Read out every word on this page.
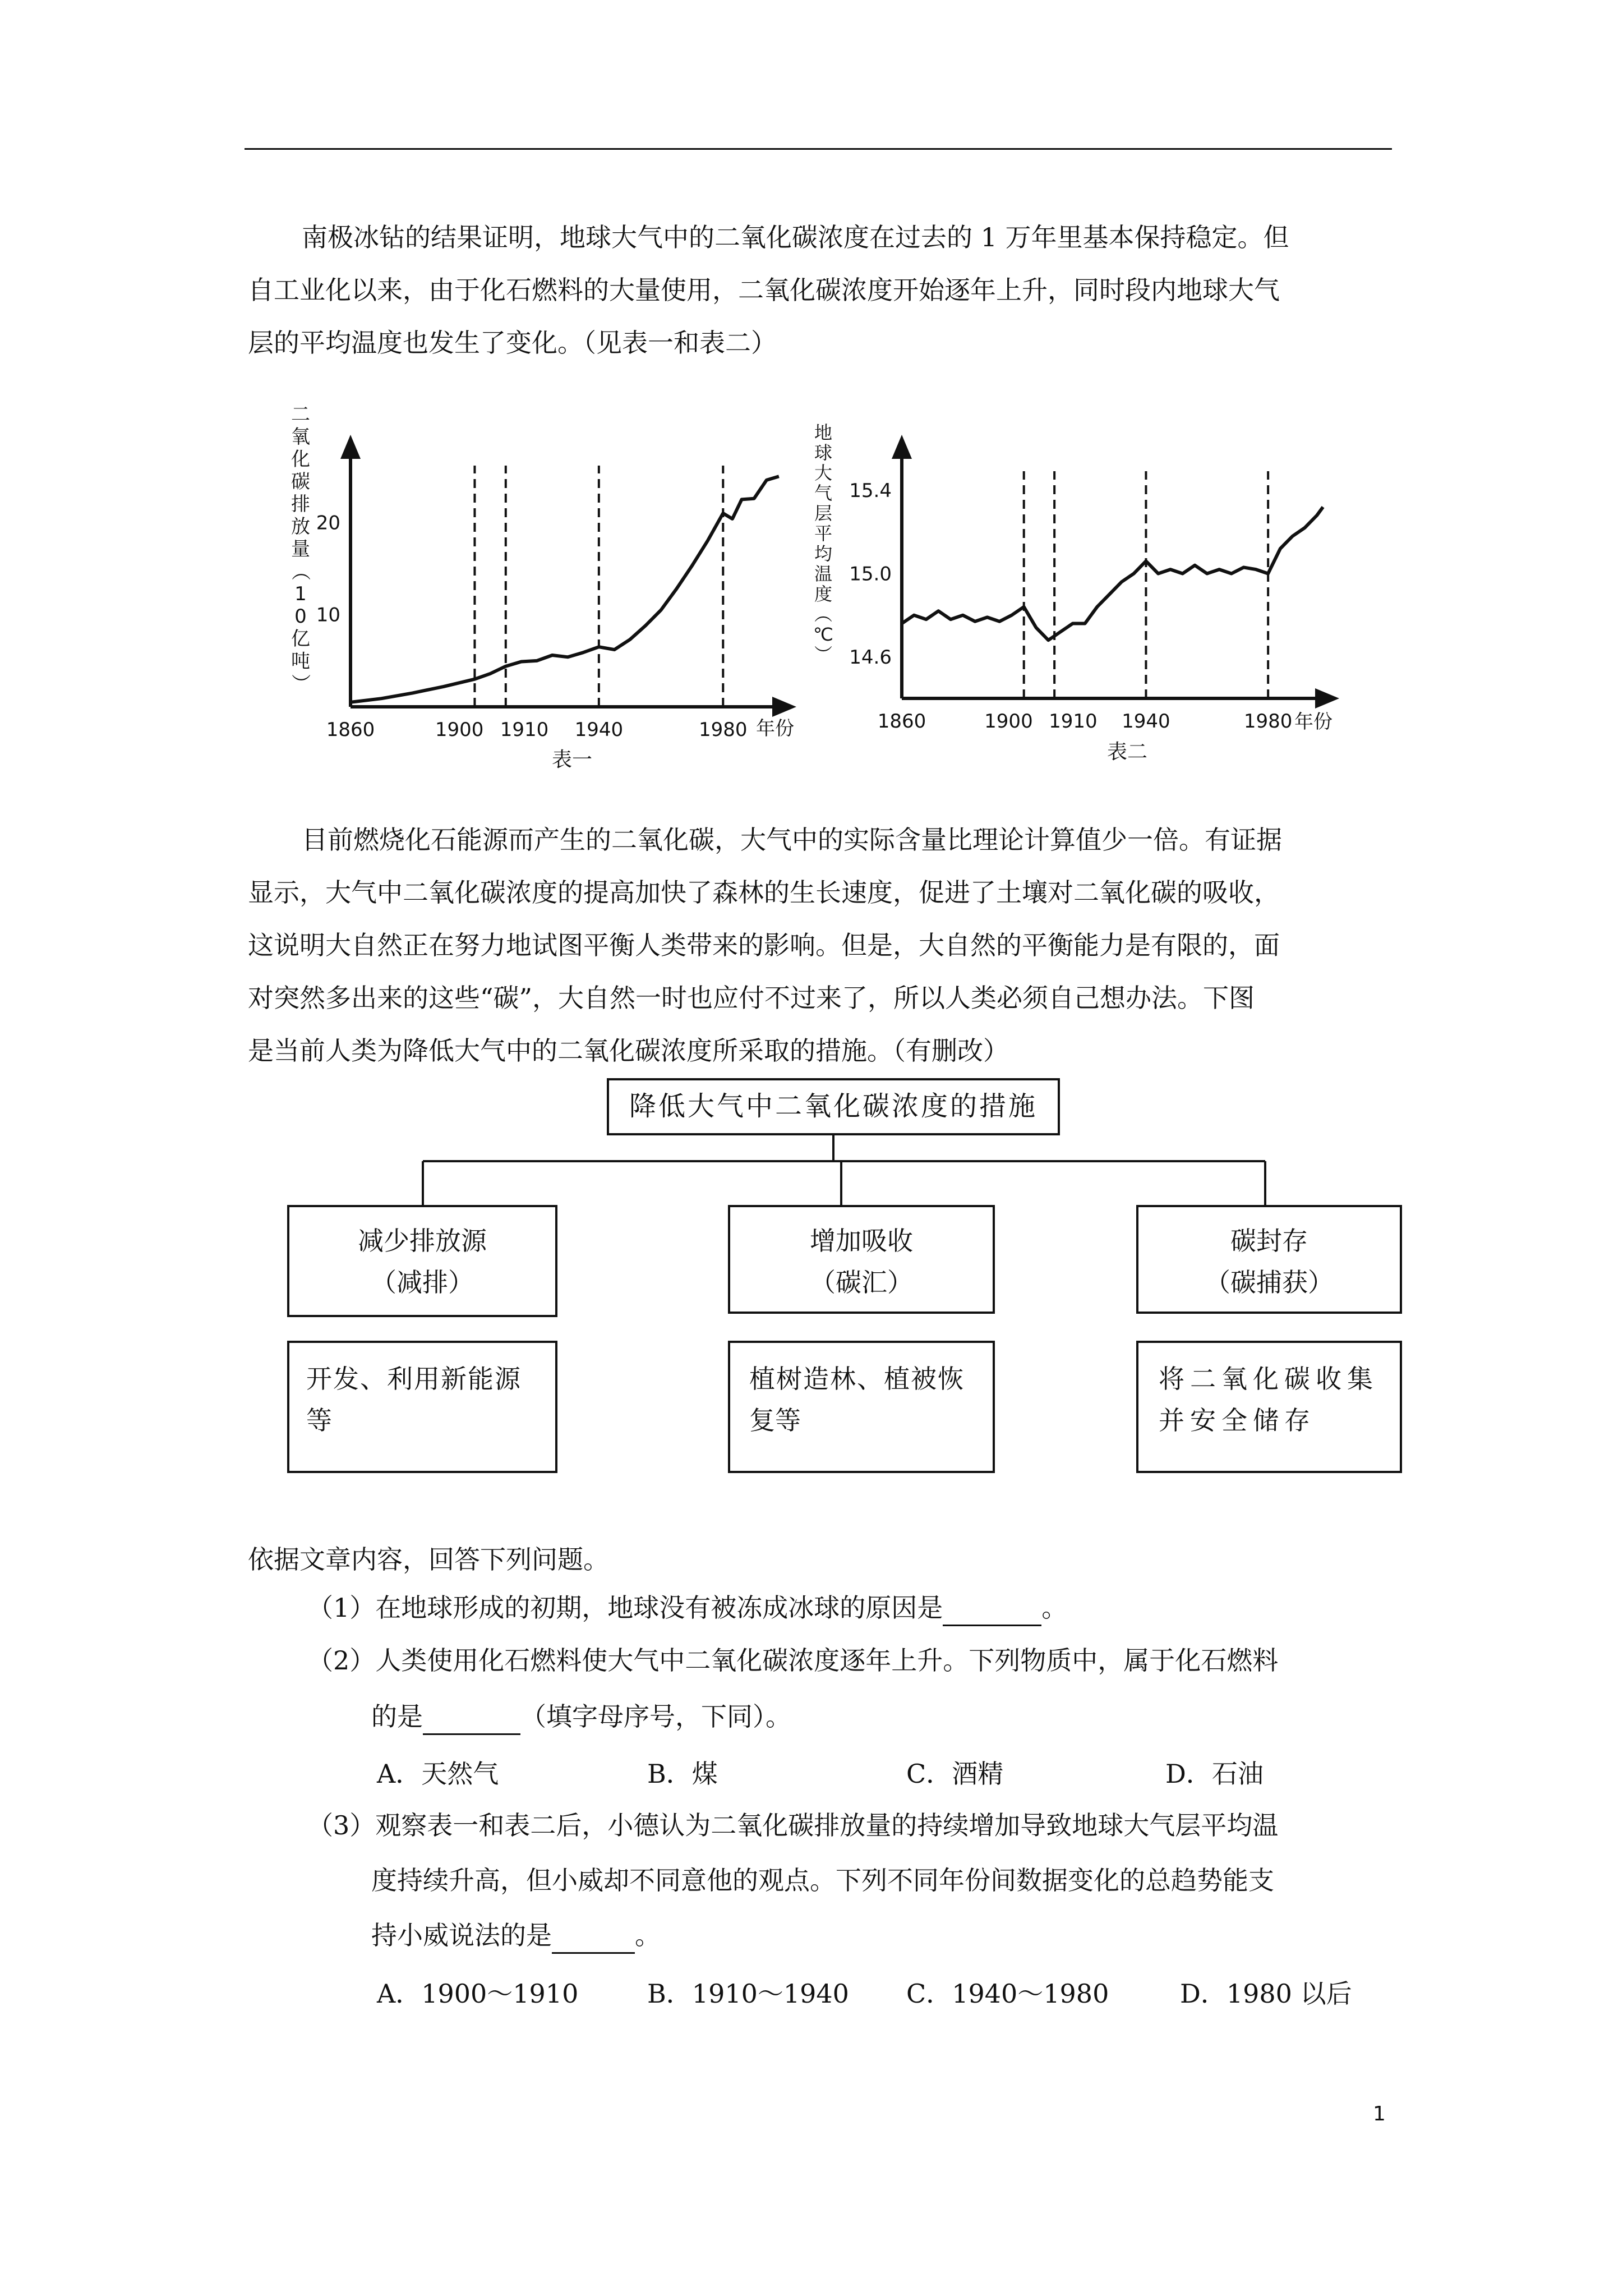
南极冰钻的结果证明，地球大气中的二氧化碳浓度在过去的 1 万年里基本保持稳定。但
自工业化以来，由于化石燃料的大量使用，二氧化碳浓度开始逐年上升，同时段内地球大气
层的平均温度也发生了变化。（见表一和表二）

二
氧
化
碳
排
放
量
（
1
0
亿
吨
）
10
20
1860	1900 1910 1940	1980 年份
表一
地
球
大
气
层
平
均
温
度
（
℃
） 14.6
15.0
15.4
1860	1900 1910 1940	1980 年份
表二

目前燃烧化石能源而产生的二氧化碳，大气中的实际含量比理论计算值少一倍。有证据
显示，大气中二氧化碳浓度的提高加快了森林的生长速度，促进了土壤对二氧化碳的吸收，
这说明大自然正在努力地试图平衡人类带来的影响。但是，大自然的平衡能力是有限的，面
对突然多出来的这些“碳”，大自然一时也应付不过来了，所以人类必须自己想办法。下图
是当前人类为降低大气中的二氧化碳浓度所采取的措施。（有删改）

降低大气中二氧化碳浓度的措施
减少排放源
（减排）
增加吸收
（碳汇）
碳封存
（碳捕获）
开发、利用新能源
等
植树造林、植被恢
复等
将二氧化碳收集
并安全储存
依据文章内容，回答下列问题。
（1）在地球形成的初期，地球没有被冻成冰球的原因是	。
（2）人类使用化石燃料使大气中二氧化碳浓度逐年上升。下列物质中，属于化石燃料
的是	（填字母序号，下同）。
A．天然气	B．煤	C．酒精	D．石油
（3）观察表一和表二后，小德认为二氧化碳排放量的持续增加导致地球大气层平均温
度持续升高，但小威却不同意他的观点。下列不同年份间数据变化的总趋势能支
持小威说法的是	。
A．1900～1910	B．1910～1940 C．1940～1980	D．1980 以后
1
